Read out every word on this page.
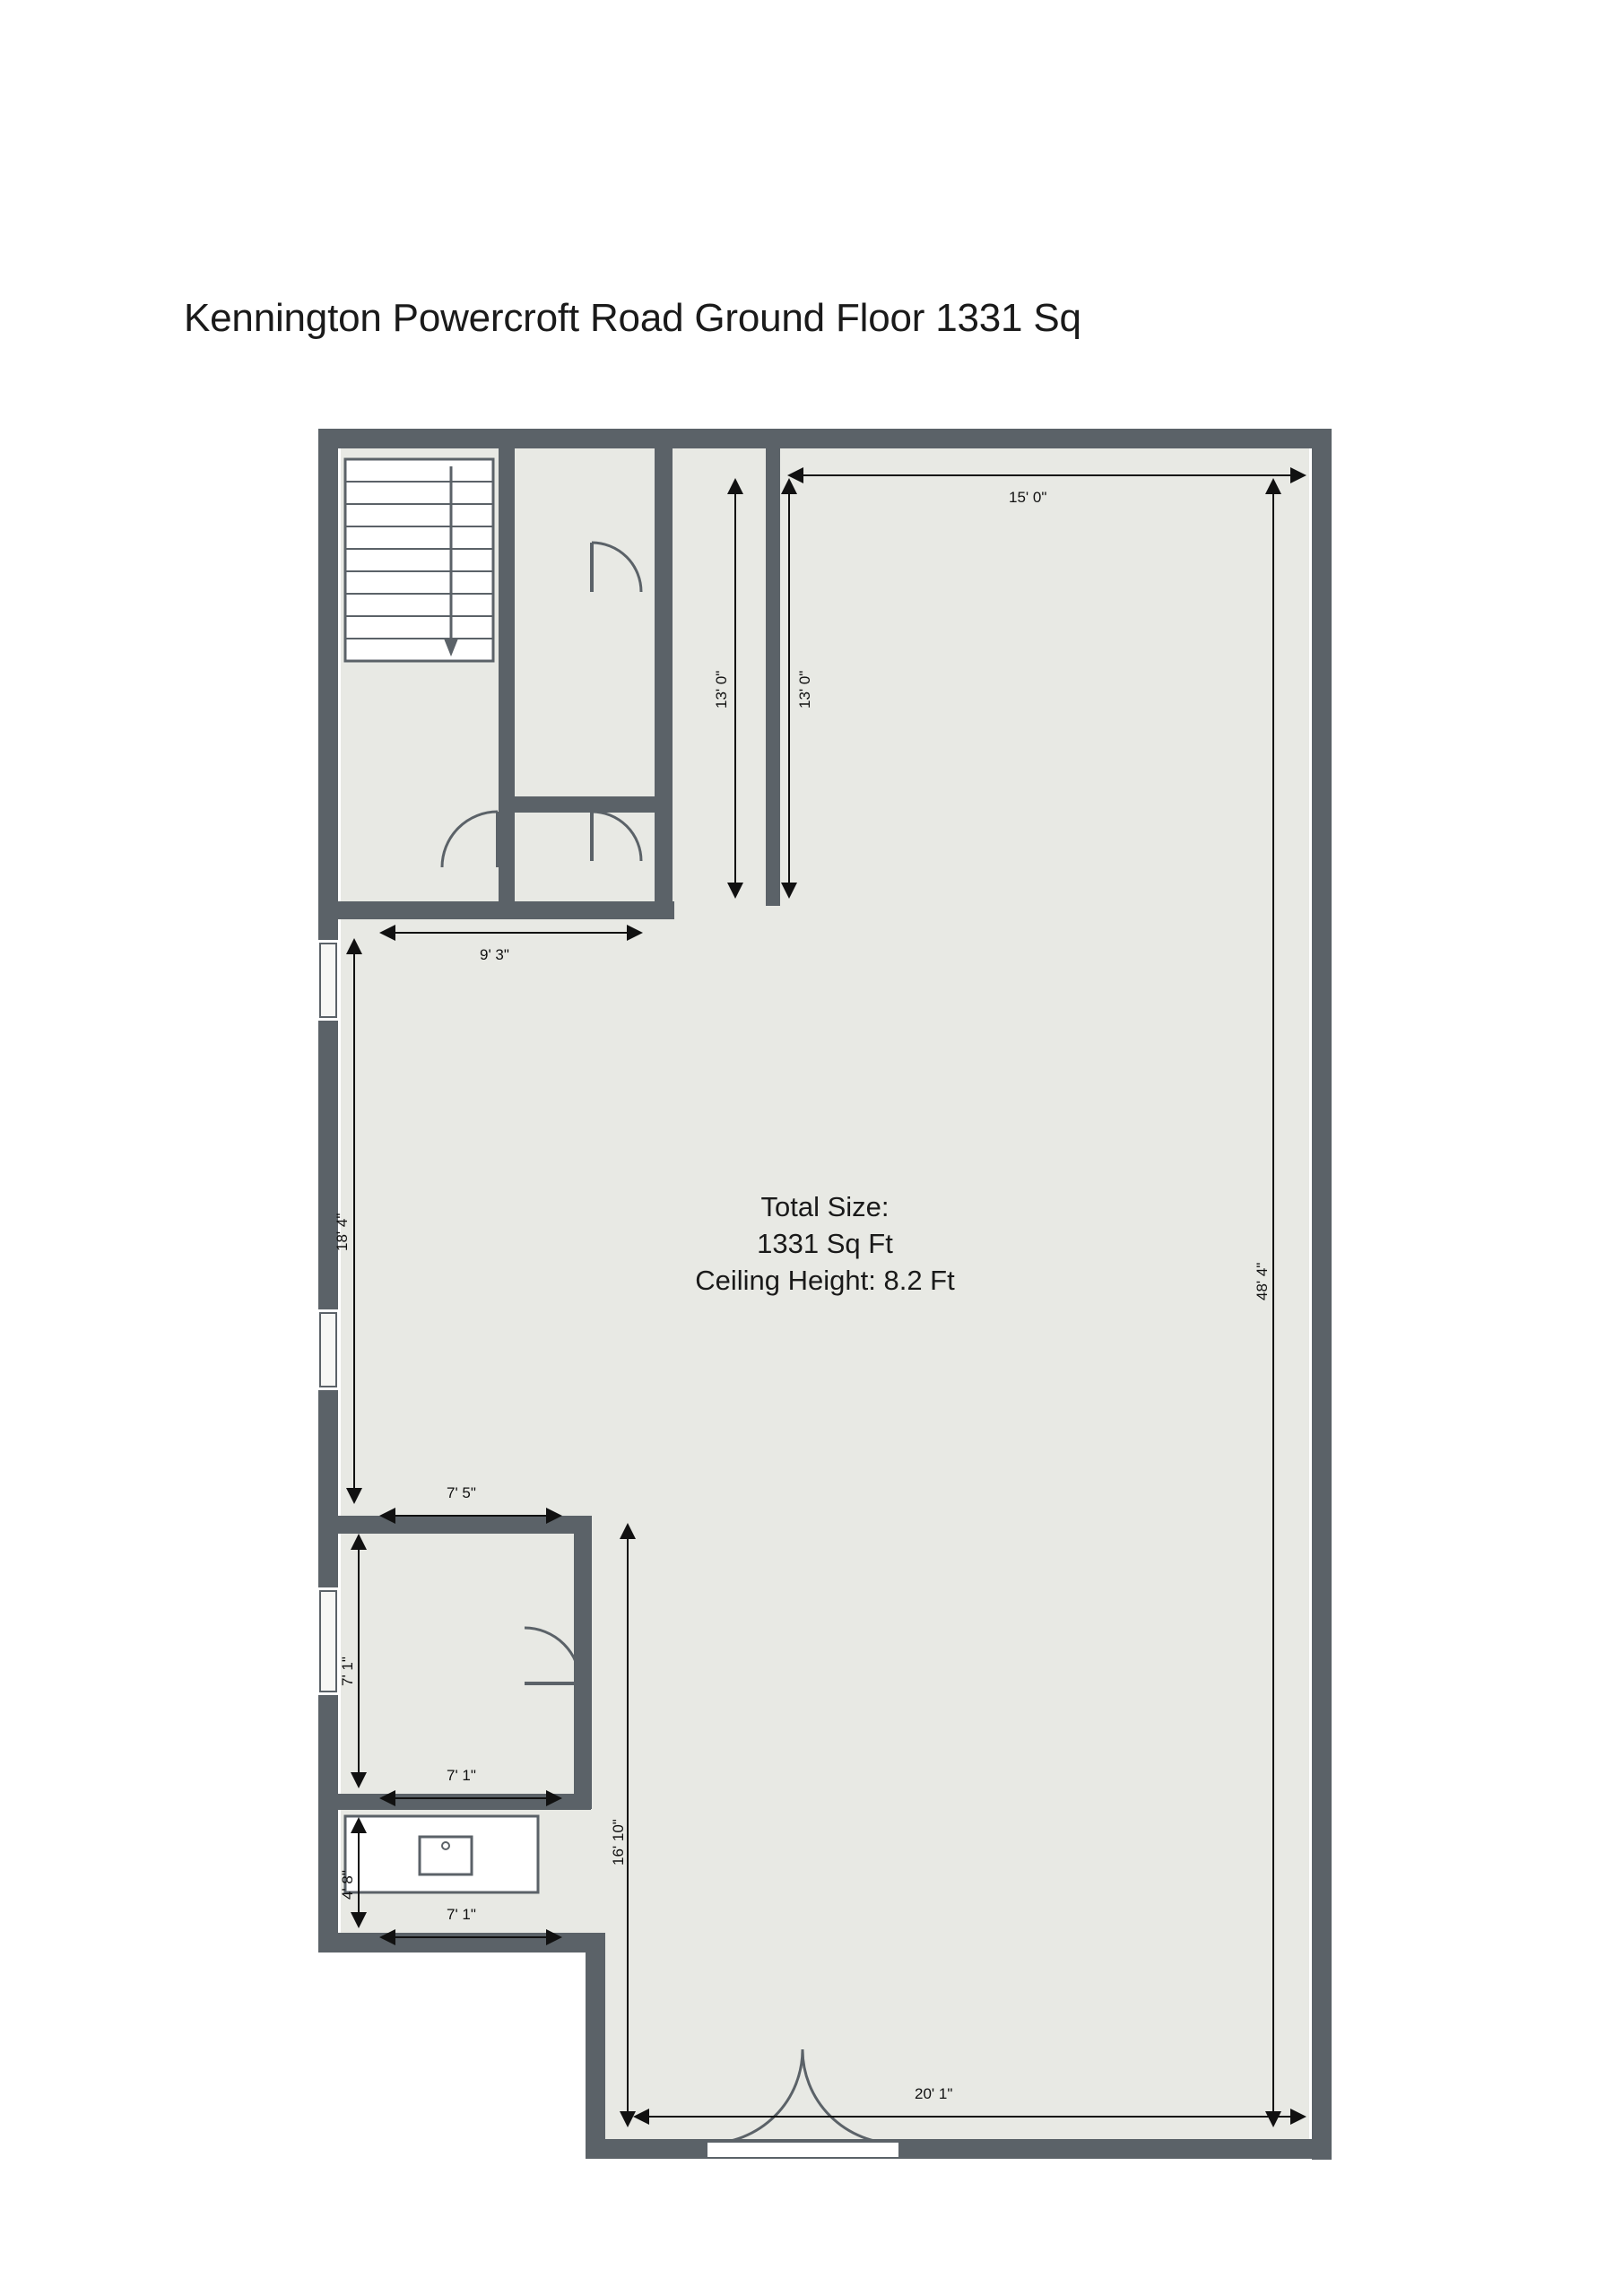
Kennington Powercroft Road Ground Floor 1331 Sq
15' 0"
13' 0"	13' 0"
9' 3"
18' 4"
48' 4"
7' 5"
7' 1"
7' 1"
4' 8"
7' 1"
16' 10"
20' 1"
Total Size:
1331 Sq Ft
Ceiling Height: 8.2 Ft
